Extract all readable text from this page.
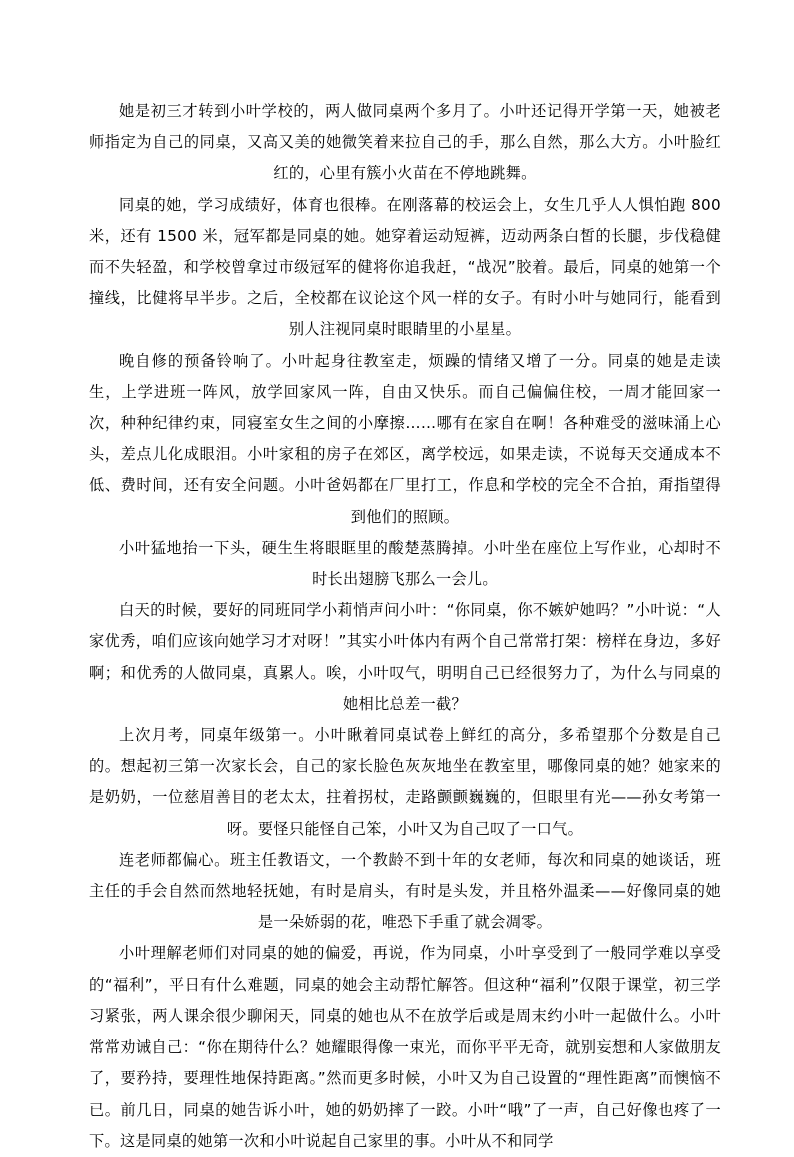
她是初三才转到小叶学校的，两人做同桌两个多月了。小叶还记得开学第一天，她被老师指定为自己的同桌，又高又美的她微笑着来拉自己的手，那么自然，那么大方。小叶脸红红的，心里有簇小火苗在不停地跳舞。

同桌的她，学习成绩好，体育也很棒。在刚落幕的校运会上，女生几乎人人惧怕跑 800 米，还有 1500 米，冠军都是同桌的她。她穿着运动短裤，迈动两条白皙的长腿，步伐稳健而不失轻盈，和学校曾拿过市级冠军的健将你追我赶，“战况”胶着。最后，同桌的她第一个撞线，比健将早半步。之后，全校都在议论这个风一样的女子。有时小叶与她同行，能看到别人注视同桌时眼睛里的小星星。

晚自修的预备铃响了。小叶起身往教室走，烦躁的情绪又增了一分。同桌的她是走读生，上学进班一阵风，放学回家风一阵，自由又快乐。而自己偏偏住校，一周才能回家一次，种种纪律约束，同寝室女生之间的小摩擦……哪有在家自在啊！各种难受的滋味涌上心头，差点儿化成眼泪。小叶家租的房子在郊区，离学校远，如果走读，不说每天交通成本不低、费时间，还有安全问题。小叶爸妈都在厂里打工，作息和学校的完全不合拍，甭指望得到他们的照顾。

小叶猛地抬一下头，硬生生将眼眶里的酸楚蒸腾掉。小叶坐在座位上写作业，心却时不时长出翅膀飞那么一会儿。

白天的时候，要好的同班同学小莉悄声问小叶：“你同桌，你不嫉妒她吗？”小叶说：“人家优秀，咱们应该向她学习才对呀！”其实小叶体内有两个自己常常打架：榜样在身边，多好啊；和优秀的人做同桌，真累人。唉，小叶叹气，明明自己已经很努力了，为什么与同桌的她相比总差一截？

上次月考，同桌年级第一。小叶瞅着同桌试卷上鲜红的高分，多希望那个分数是自己的。想起初三第一次家长会，自己的家长脸色灰灰地坐在教室里，哪像同桌的她？她家来的是奶奶，一位慈眉善目的老太太，拄着拐杖，走路颤颤巍巍的，但眼里有光——孙女考第一呀。要怪只能怪自己笨，小叶又为自己叹了一口气。

连老师都偏心。班主任教语文，一个教龄不到十年的女老师，每次和同桌的她谈话，班主任的手会自然而然地轻抚她，有时是肩头，有时是头发，并且格外温柔——好像同桌的她是一朵娇弱的花，唯恐下手重了就会凋零。

小叶理解老师们对同桌的她的偏爱，再说，作为同桌，小叶享受到了一般同学难以享受的“福利”，平日有什么难题，同桌的她会主动帮忙解答。但这种“福利”仅限于课堂，初三学习紧张，两人课余很少聊闲天，同桌的她也从不在放学后或是周末约小叶一起做什么。小叶常常劝诫自己：“你在期待什么？她耀眼得像一束光，而你平平无奇，就别妄想和人家做朋友了，要矜持，要理性地保持距离。”然而更多时候，小叶又为自己设置的“理性距离”而懊恼不已。前几日，同桌的她告诉小叶，她的奶奶摔了一跤。小叶“哦”了一声，自己好像也疼了一下。这是同桌的她第一次和小叶说起自己家里的事。小叶从不和同学
